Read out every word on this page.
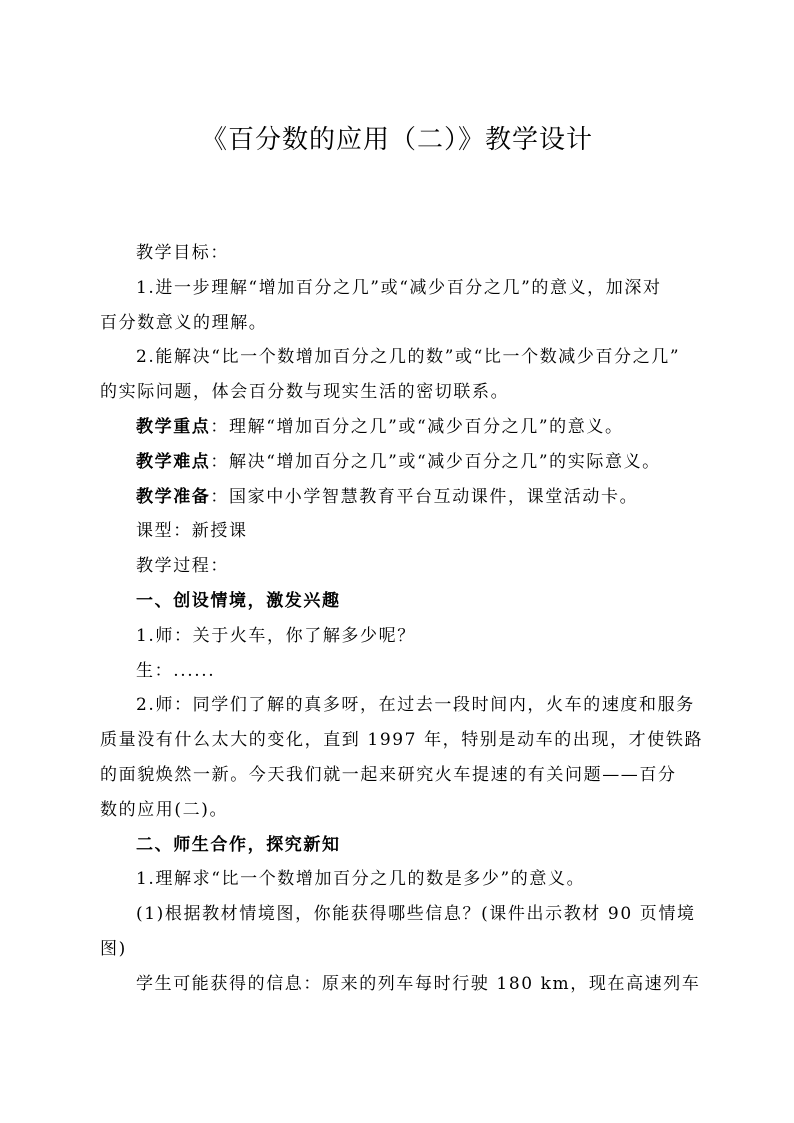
《百分数的应用（二）》教学设计

教学目标：

1.进一步理解“增加百分之几”或“减少百分之几”的意义，加深对

百分数意义的理解。

2.能解决“比一个数增加百分之几的数”或“比一个数减少百分之几”

的实际问题，体会百分数与现实生活的密切联系。

教学重点：理解“增加百分之几”或“减少百分之几”的意义。

教学难点：解决“增加百分之几”或“减少百分之几”的实际意义。

教学准备：国家中小学智慧教育平台互动课件，课堂活动卡。

课型：新授课

教学过程：

一、创设情境，激发兴趣

1.师：关于火车，你了解多少呢？

生：......

2.师：同学们了解的真多呀，在过去一段时间内，火车的速度和服务

质量没有什么太大的变化，直到 1997 年，特别是动车的出现，才使铁路

的面貌焕然一新。今天我们就一起来研究火车提速的有关问题——百分

数的应用(二)。

二、师生合作，探究新知

1.理解求“比一个数增加百分之几的数是多少”的意义。

(1)根据教材情境图，你能获得哪些信息？(课件出示教材 90 页情境

图)

学生可能获得的信息：原来的列车每时行驶 180 km，现在高速列车
